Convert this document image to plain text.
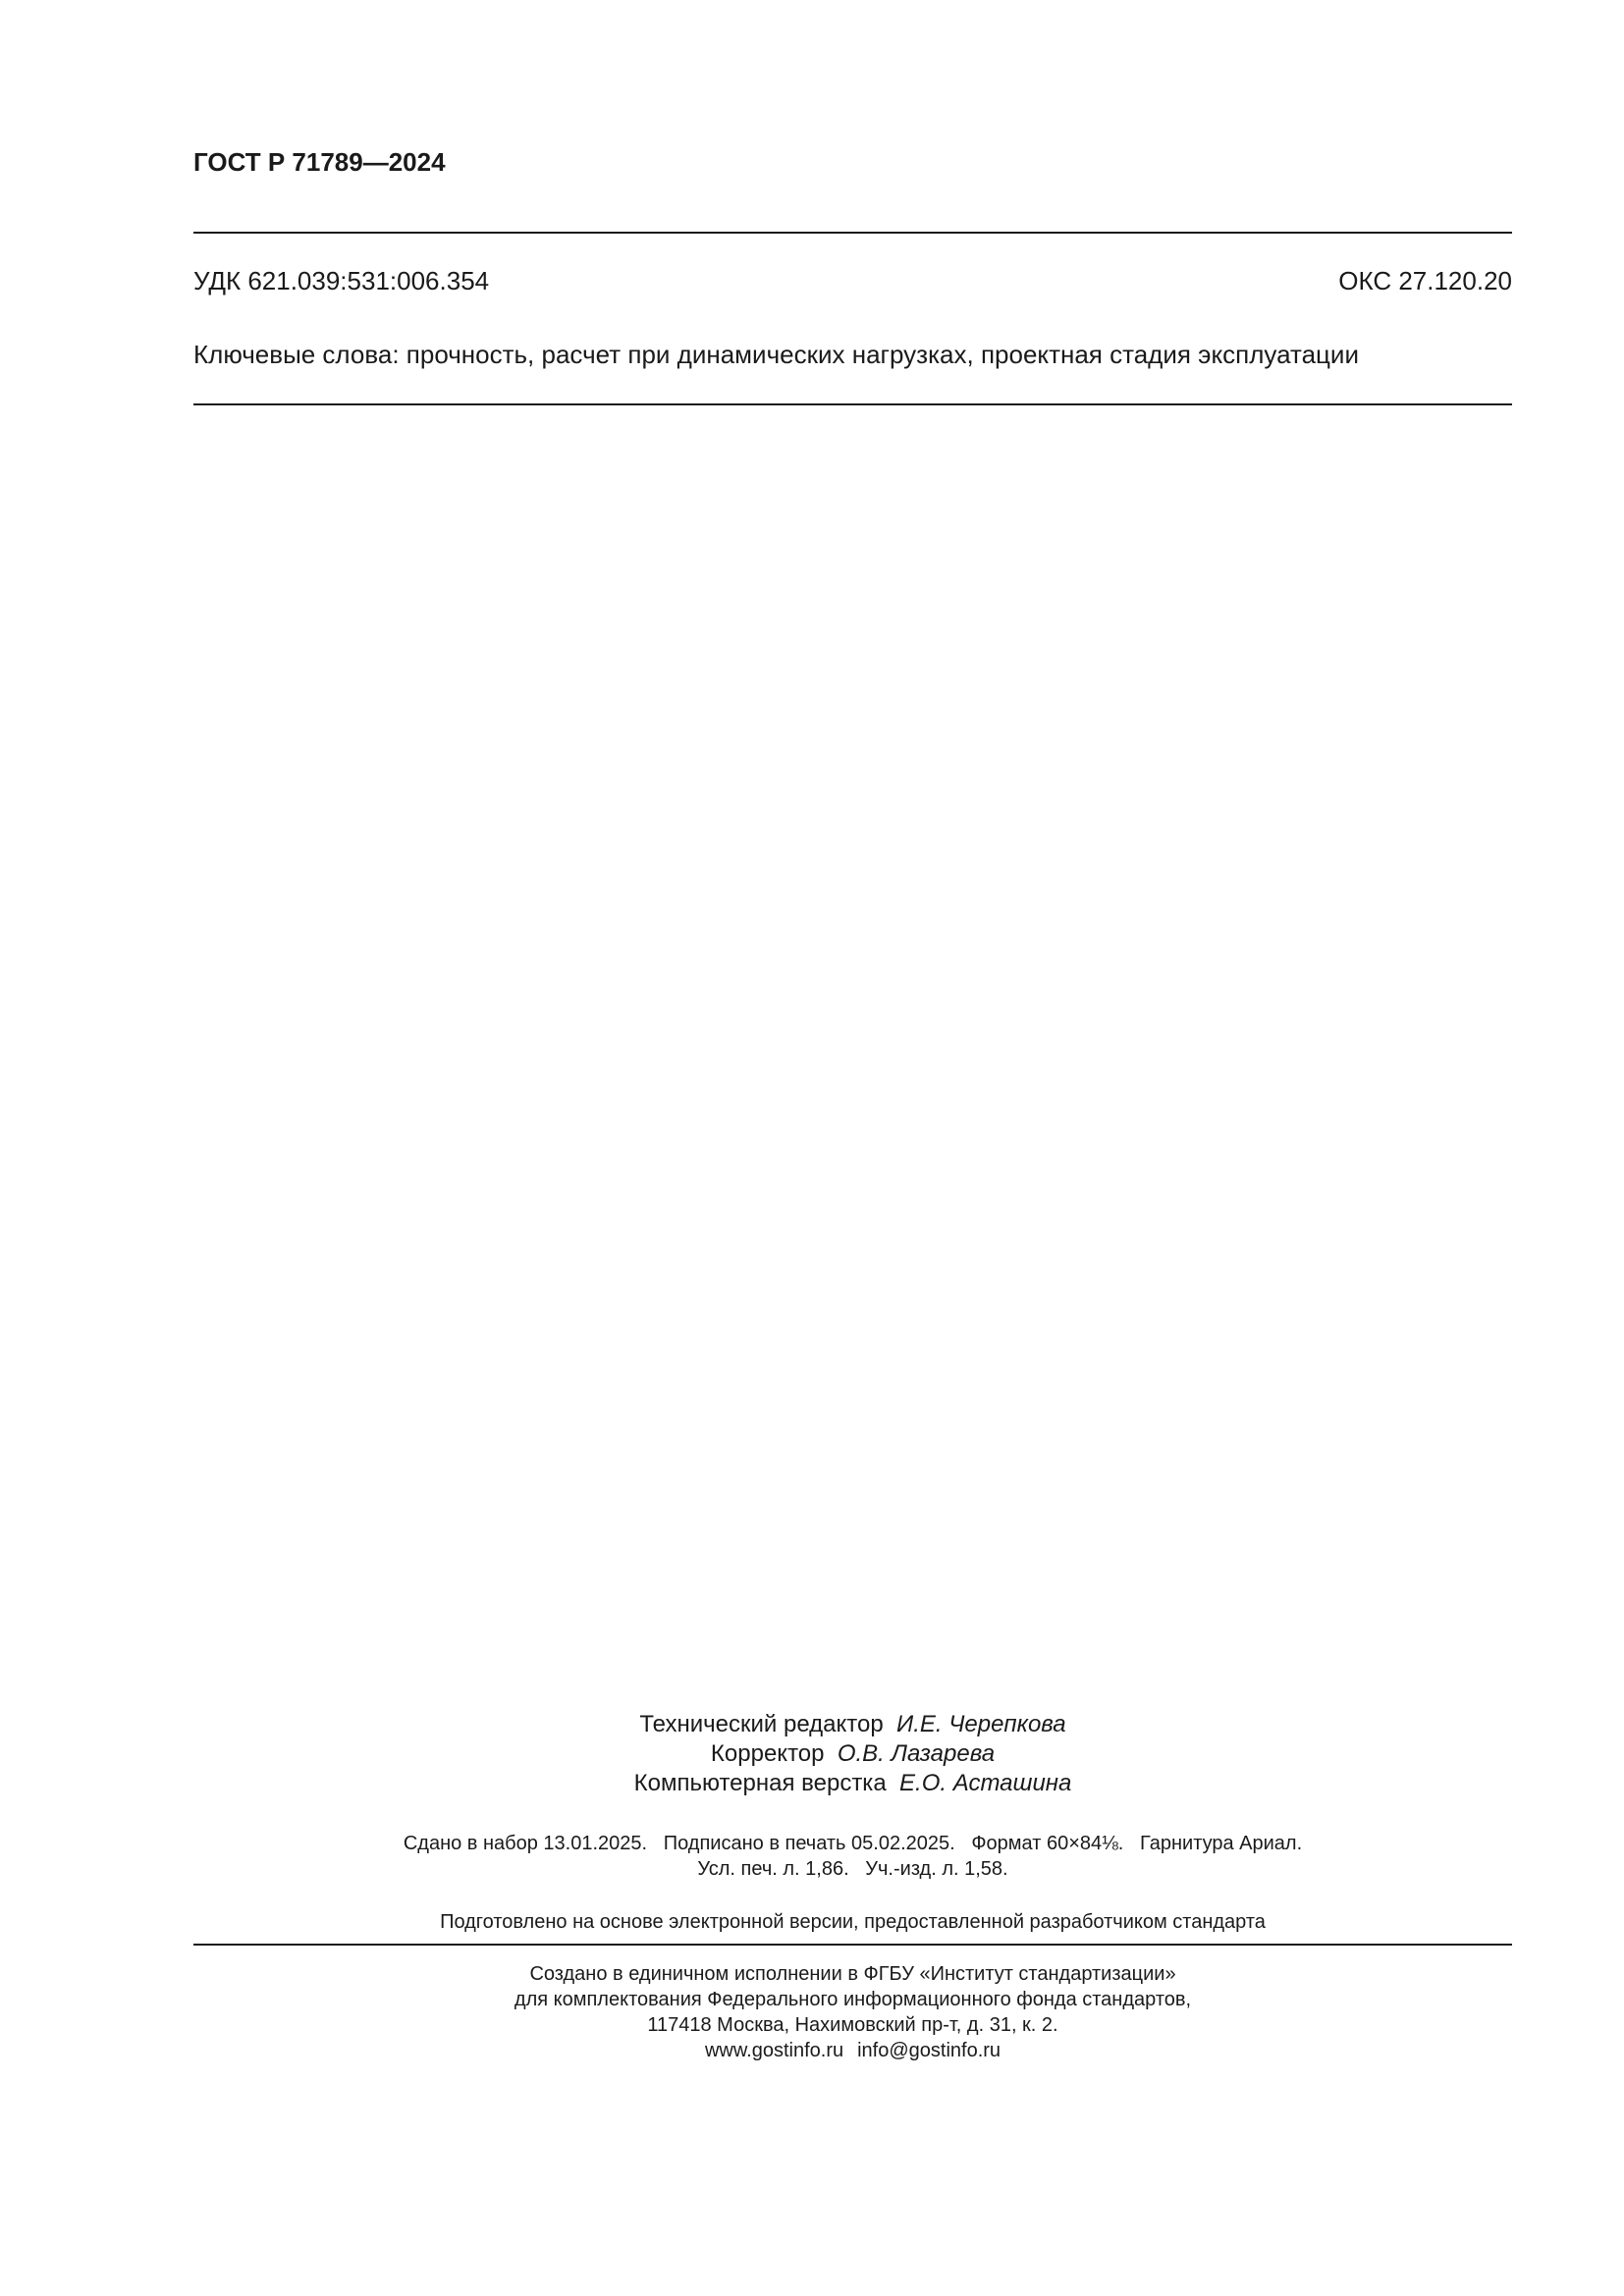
ГОСТ Р 71789—2024
УДК 621.039:531:006.354	ОКС 27.120.20
Ключевые слова: прочность, расчет при динамических нагрузках, проектная стадия эксплуатации
Технический редактор И.Е. Черепкова
Корректор О.В. Лазарева
Компьютерная верстка Е.О. Асташина
Сдано в набор 13.01.2025.   Подписано в печать 05.02.2025.   Формат 60×84⅛.   Гарнитура Ариал.
Усл. печ. л. 1,86.   Уч.-изд. л. 1,58.
Подготовлено на основе электронной версии, предоставленной разработчиком стандарта
Создано в единичном исполнении в ФГБУ «Институт стандартизации»
для комплектования Федерального информационного фонда стандартов,
117418 Москва, Нахимовский пр-т, д. 31, к. 2.
www.gostinfo.ru info@gostinfo.ru
